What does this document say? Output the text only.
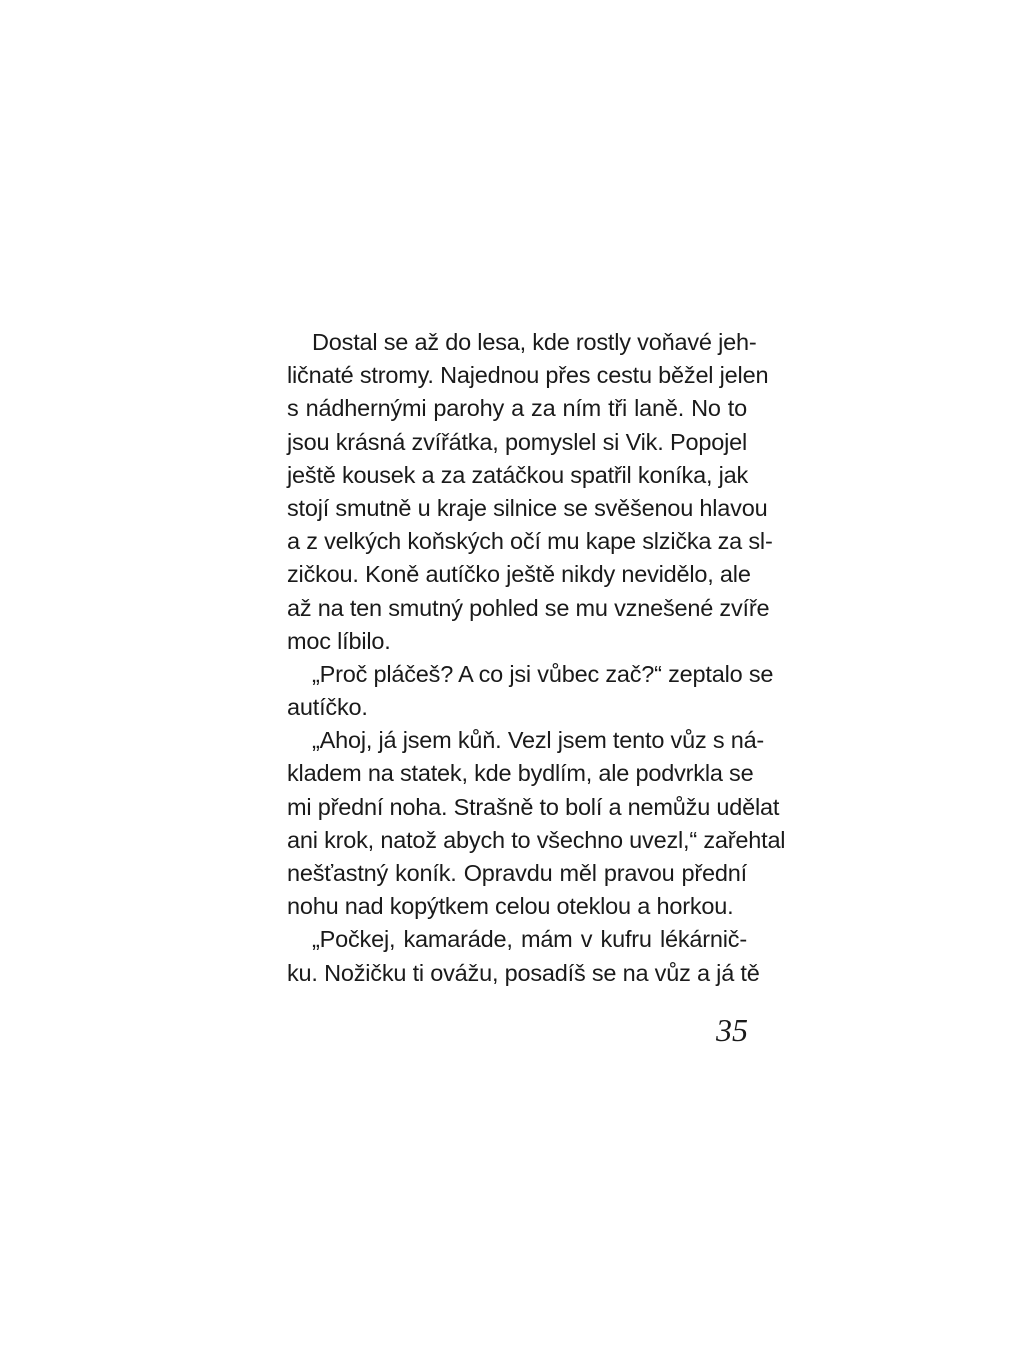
Dostal se až do lesa, kde rostly voňavé jeh-
ličnaté stromy. Najednou přes cestu běžel jelen
s nádhernými parohy a za ním tři laně. No to
jsou krásná zvířátka, pomyslel si Vik. Popojel
ještě kousek a za zatáčkou spatřil koníka, jak
stojí smutně u kraje silnice se svěšenou hlavou
a z velkých koňských očí mu kape slzička za sl-
zičkou. Koně autíčko ještě nikdy nevidělo, ale
až na ten smutný pohled se mu vznešené zvíře
moc líbilo.
„Proč pláčeš? A co jsi vůbec zač?“ zeptalo se
autíčko.
„Ahoj, já jsem kůň. Vezl jsem tento vůz s ná-
kladem na statek, kde bydlím, ale podvrkla se
mi přední noha. Strašně to bolí a nemůžu udělat
ani krok, natož abych to všechno uvezl,“ zařehtal
nešťastný koník. Opravdu měl pravou přední
nohu nad kopýtkem celou oteklou a horkou.
„Počkej, kamaráde, mám v kufru lékárnič-
ku. Nožičku ti ovážu, posadíš se na vůz a já tě
35
